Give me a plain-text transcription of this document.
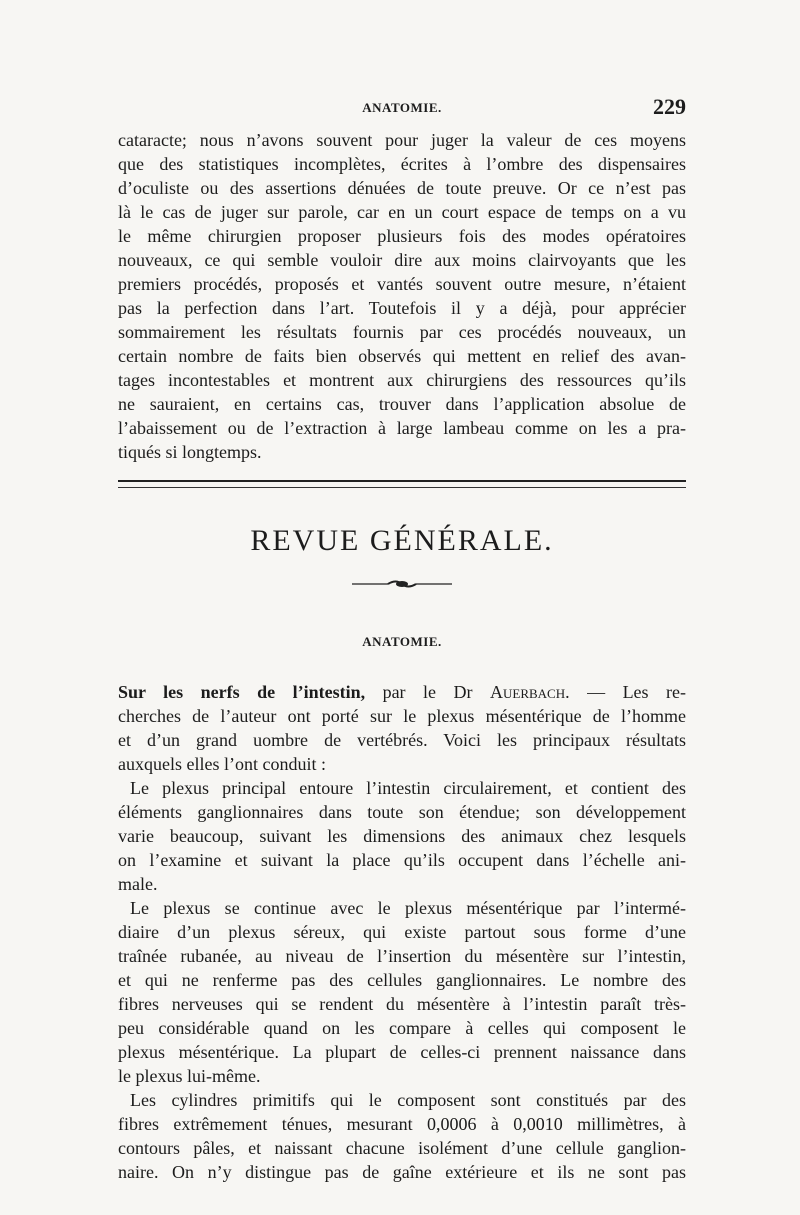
ANATOMIE.	229
cataracte; nous n’avons souvent pour juger la valeur de ces moyens
que des statistiques incomplètes, écrites à l’ombre des dispensaires
d’oculiste ou des assertions dénuées de toute preuve. Or ce n’est pas
là le cas de juger sur parole, car en un court espace de temps on a vu
le même chirurgien proposer plusieurs fois des modes opératoires
nouveaux, ce qui semble vouloir dire aux moins clairvoyants que les
premiers procédés, proposés et vantés souvent outre mesure, n’étaient
pas la perfection dans l’art. Toutefois il y a déjà, pour apprécier
sommairement les résultats fournis par ces procédés nouveaux, un
certain nombre de faits bien observés qui mettent en relief des avan-
tages incontestables et montrent aux chirurgiens des ressources qu’ils
ne sauraient, en certains cas, trouver dans l’application absolue de
l’abaissement ou de l’extraction à large lambeau comme on les a pra-
tiqués si longtemps.
REVUE GÉNÉRALE.
ANATOMIE.
Sur les nerfs de l’intestin, par le Dr Auerbach. — Les re-
cherches de l’auteur ont porté sur le plexus mésentérique de l’homme
et d’un grand uombre de vertébrés. Voici les principaux résultats
auxquels elles l’ont conduit :
Le plexus principal entoure l’intestin circulairement, et contient des
éléments ganglionnaires dans toute son étendue; son développement
varie beaucoup, suivant les dimensions des animaux chez lesquels
on l’examine et suivant la place qu’ils occupent dans l’échelle ani-
male.
Le plexus se continue avec le plexus mésentérique par l’intermé-
diaire d’un plexus séreux, qui existe partout sous forme d’une
traînée rubanée, au niveau de l’insertion du mésentère sur l’intestin,
et qui ne renferme pas des cellules ganglionnaires. Le nombre des
fibres nerveuses qui se rendent du mésentère à l’intestin paraît très-
peu considérable quand on les compare à celles qui composent le
plexus mésentérique. La plupart de celles-ci prennent naissance dans
le plexus lui-même.
Les cylindres primitifs qui le composent sont constitués par des
fibres extrêmement ténues, mesurant 0,0006 à 0,0010 millimètres, à
contours pâles, et naissant chacune isolément d’une cellule ganglion-
naire. On n’y distingue pas de gaîne extérieure et ils ne sont pas
